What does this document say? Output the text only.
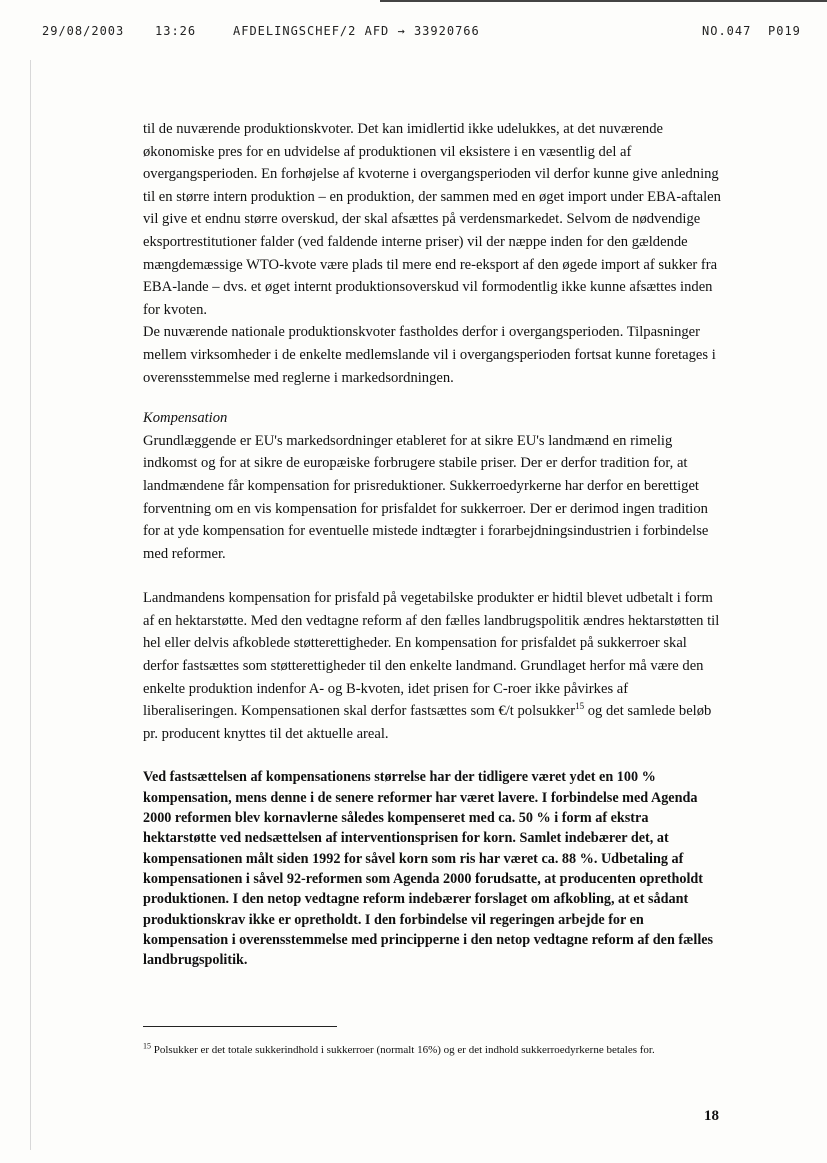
29/08/2003	13:26	AFDELINGSCHEF/2 AFD → 33920766	NO.047 P019

til de nuværende produktionskvoter. Det kan imidlertid ikke udelukkes, at det nuværende økonomiske pres for en udvidelse af produktionen vil eksistere i en væsentlig del af overgangsperioden. En forhøjelse af kvoterne i overgangsperioden vil derfor kunne give anledning til en større intern produktion – en produktion, der sammen med en øget import under EBA-aftalen vil give et endnu større overskud, der skal afsættes på verdensmarkedet. Selvom de nødvendige eksportrestitutioner falder (ved faldende interne priser) vil der næppe inden for den gældende mængdemæssige WTO-kvote være plads til mere end re-eksport af den øgede import af sukker fra EBA-lande – dvs. et øget internt produktionsoverskud vil formodentlig ikke kunne afsættes inden for kvoten.

De nuværende nationale produktionskvoter fastholdes derfor i overgangsperioden. Tilpasninger mellem virksomheder i de enkelte medlemslande vil i overgangsperioden fortsat kunne foretages i overensstemmelse med reglerne i markedsordningen.

Kompensation

Grundlæggende er EU's markedsordninger etableret for at sikre EU's landmænd en rimelig indkomst og for at sikre de europæiske forbrugere stabile priser. Der er derfor tradition for, at landmændene får kompensation for prisreduktioner. Sukkerroedyrkerne har derfor en berettiget forventning om en vis kompensation for prisfaldet for sukkerroer. Der er derimod ingen tradition for at yde kompensation for eventuelle mistede indtægter i forarbejdningsindustrien i forbindelse med reformer.

Landmandens kompensation for prisfald på vegetabilske produkter er hidtil blevet udbetalt i form af en hektarstøtte. Med den vedtagne reform af den fælles landbrugspolitik ændres hektarstøtten til hel eller delvis afkoblede støtterettigheder. En kompensation for prisfaldet på sukkerroer skal derfor fastsættes som støtterettigheder til den enkelte landmand. Grundlaget herfor må være den enkelte produktion indenfor A- og B-kvoten, idet prisen for C-roer ikke påvirkes af liberaliseringen. Kompensationen skal derfor fastsættes som €/t polsukker$^{15}$ og det samlede beløb pr. producent knyttes til det aktuelle areal.

Ved fastsættelsen af kompensationens størrelse har der tidligere været ydet en 100 % kompensation, mens denne i de senere reformer har været lavere. I forbindelse med Agenda 2000 reformen blev kornavlerne således kompenseret med ca. 50 % i form af ekstra hektarstøtte ved nedsættelsen af interventionsprisen for korn. Samlet indebærer det, at kompensationen målt siden 1992 for såvel korn som ris har været ca. 88 %. Udbetaling af kompensationen i såvel 92-reformen som Agenda 2000 forudsatte, at producenten opretholdt produktionen. I den netop vedtagne reform indebærer forslaget om afkobling, at et sådant produktionskrav ikke er opretholdt. I den forbindelse vil regeringen arbejde for en kompensation i overensstemmelse med principperne i den netop vedtagne reform af den fælles landbrugspolitik.

$^{15}$ Polsukker er det totale sukkerindhold i sukkerroer (normalt 16%) og er det indhold sukkerroedyrkerne betales for.
18
